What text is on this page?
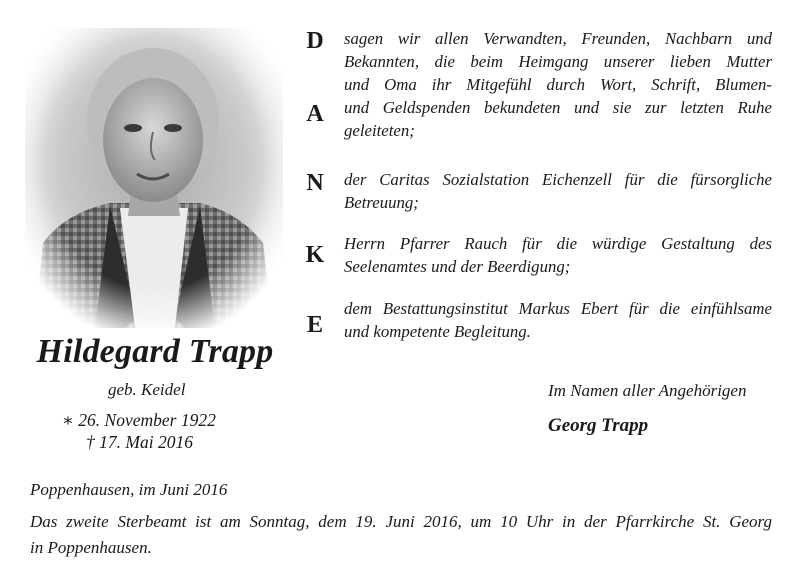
Hildegard Trapp
geb. Keidel
∗ 26. November 1922
† 17. Mai 2016
D
A
N
K
E
sagen wir allen Verwandten, Freunden, Nachbarn und
Bekannten, die beim Heimgang unserer lieben Mutter
und Oma ihr Mitgefühl durch Wort, Schrift, Blumen-
und Geldspenden bekundeten und sie zur letzten Ruhe
geleiteten;
der Caritas Sozialstation Eichenzell für die fürsorgliche
Betreuung;
Herrn Pfarrer Rauch für die würdige Gestaltung des
Seelenamtes und der Beerdigung;
dem Bestattungsinstitut Markus Ebert für die einfühlsame
und kompetente Begleitung.
Im Namen aller Angehörigen
Georg Trapp
Poppenhausen, im Juni 2016
Das zweite Sterbeamt ist am Sonntag, dem 19. Juni 2016, um 10 Uhr in der Pfarrkirche St. Georg
in Poppenhausen.
